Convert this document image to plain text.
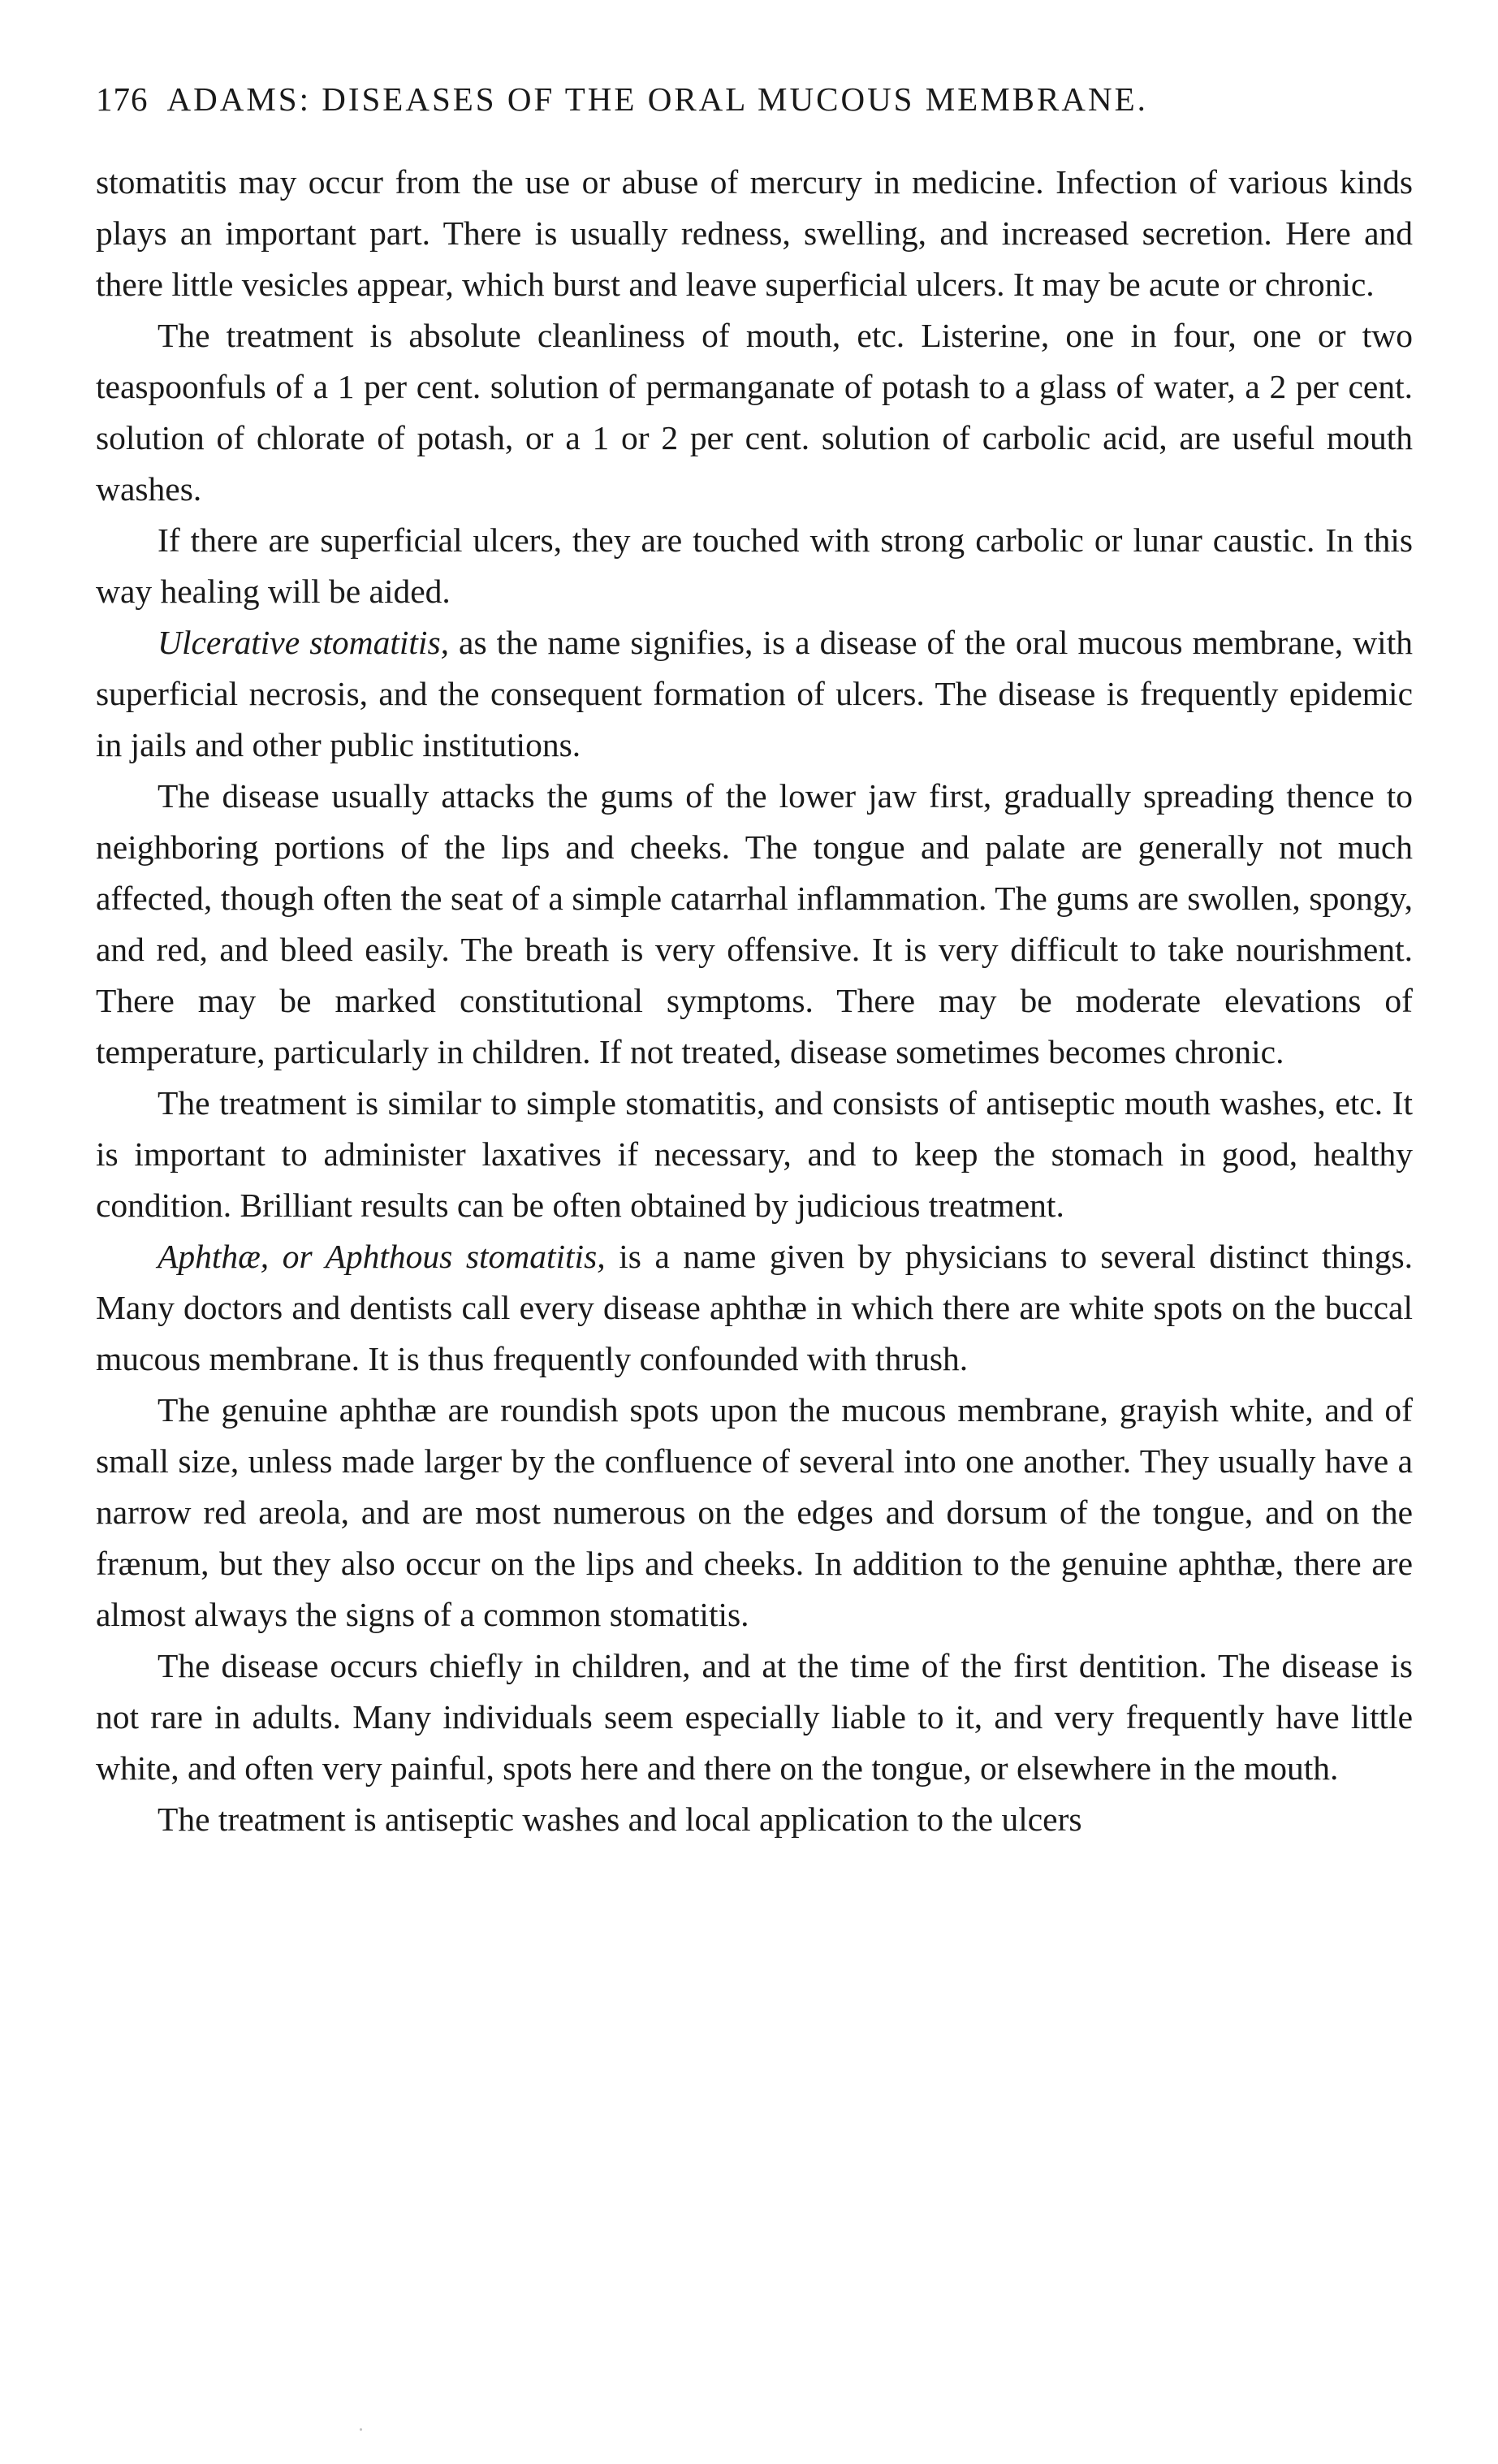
176 ADAMS: DISEASES OF THE ORAL MUCOUS MEMBRANE.

stomatitis may occur from the use or abuse of mercury in medicine. Infection of various kinds plays an important part. There is usually redness, swelling, and increased secretion. Here and there little vesicles appear, which burst and leave superficial ulcers. It may be acute or chronic.

The treatment is absolute cleanliness of mouth, etc. Listerine, one in four, one or two teaspoonfuls of a 1 per cent. solution of permanganate of potash to a glass of water, a 2 per cent. solution of chlorate of potash, or a 1 or 2 per cent. solution of carbolic acid, are useful mouth washes.

If there are superficial ulcers, they are touched with strong carbolic or lunar caustic. In this way healing will be aided.

Ulcerative stomatitis, as the name signifies, is a disease of the oral mucous membrane, with superficial necrosis, and the consequent formation of ulcers. The disease is frequently epidemic in jails and other public institutions.

The disease usually attacks the gums of the lower jaw first, gradually spreading thence to neighboring portions of the lips and cheeks. The tongue and palate are generally not much affected, though often the seat of a simple catarrhal inflammation. The gums are swollen, spongy, and red, and bleed easily. The breath is very offensive. It is very difficult to take nourishment. There may be marked constitutional symptoms. There may be moderate elevations of temperature, particularly in children. If not treated, disease sometimes becomes chronic.

The treatment is similar to simple stomatitis, and consists of antiseptic mouth washes, etc. It is important to administer laxatives if necessary, and to keep the stomach in good, healthy condition. Brilliant results can be often obtained by judicious treatment.

Aphthæ, or Aphthous stomatitis, is a name given by physicians to several distinct things. Many doctors and dentists call every disease aphthæ in which there are white spots on the buccal mucous membrane. It is thus frequently confounded with thrush.

The genuine aphthæ are roundish spots upon the mucous membrane, grayish white, and of small size, unless made larger by the confluence of several into one another. They usually have a narrow red areola, and are most numerous on the edges and dorsum of the tongue, and on the frænum, but they also occur on the lips and cheeks. In addition to the genuine aphthæ, there are almost always the signs of a common stomatitis.

The disease occurs chiefly in children, and at the time of the first dentition. The disease is not rare in adults. Many individuals seem especially liable to it, and very frequently have little white, and often very painful, spots here and there on the tongue, or elsewhere in the mouth.

The treatment is antiseptic washes and local application to the ulcers
